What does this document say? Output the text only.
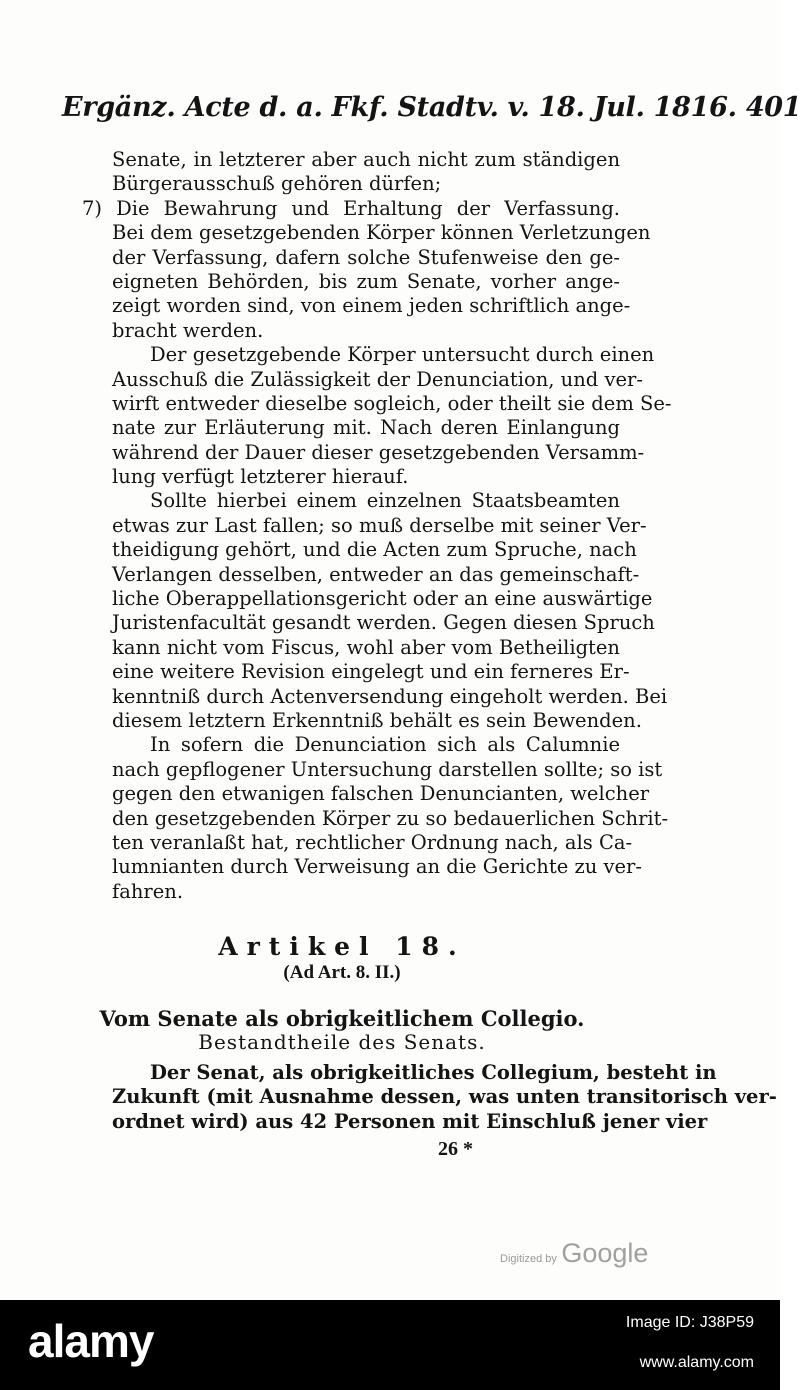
Ergänz. Acte d. a. Fkf. Stadtv. v. 18. Jul. 1816. 401
Senate, in letzterer aber auch nicht zum ständigen
Bürgerausschuß gehören dürfen;
7) Die Bewahrung und Erhaltung der Verfassung.
Bei dem gesetzgebenden Körper können Verletzungen
der Verfassung, dafern solche Stufenweise den ge-
eigneten Behörden, bis zum Senate, vorher ange-
zeigt worden sind, von einem jeden schriftlich ange-
bracht werden.
Der gesetzgebende Körper untersucht durch einen
Ausschuß die Zulässigkeit der Denunciation, und ver-
wirft entweder dieselbe sogleich, oder theilt sie dem Se-
nate zur Erläuterung mit. Nach deren Einlangung
während der Dauer dieser gesetzgebenden Versamm-
lung verfügt letzterer hierauf.
Sollte hierbei einem einzelnen Staatsbeamten
etwas zur Last fallen; so muß derselbe mit seiner Ver-
theidigung gehört, und die Acten zum Spruche, nach
Verlangen desselben, entweder an das gemeinschaft-
liche Oberappellationsgericht oder an eine auswärtige
Juristenfacultät gesandt werden. Gegen diesen Spruch
kann nicht vom Fiscus, wohl aber vom Betheiligten
eine weitere Revision eingelegt und ein ferneres Er-
kenntniß durch Actenversendung eingeholt werden. Bei
diesem letztern Erkenntniß behält es sein Bewenden.
In sofern die Denunciation sich als Calumnie
nach gepflogener Untersuchung darstellen sollte; so ist
gegen den etwanigen falschen Denuncianten, welcher
den gesetzgebenden Körper zu so bedauerlichen Schrit-
ten veranlaßt hat, rechtlicher Ordnung nach, als Ca-
lumnianten durch Verweisung an die Gerichte zu ver-
fahren.
Artikel 18.
(Ad Art. 8. II.)
Vom Senate als obrigkeitlichem Collegio.
Bestandtheile des Senats.
Der Senat, als obrigkeitliches Collegium, besteht in
Zukunft (mit Ausnahme dessen, was unten transitorisch ver-
ordnet wird) aus 42 Personen mit Einschluß jener vier
26 *
Digitized by Google
alamy	Image ID: J38P59
www.alamy.com
